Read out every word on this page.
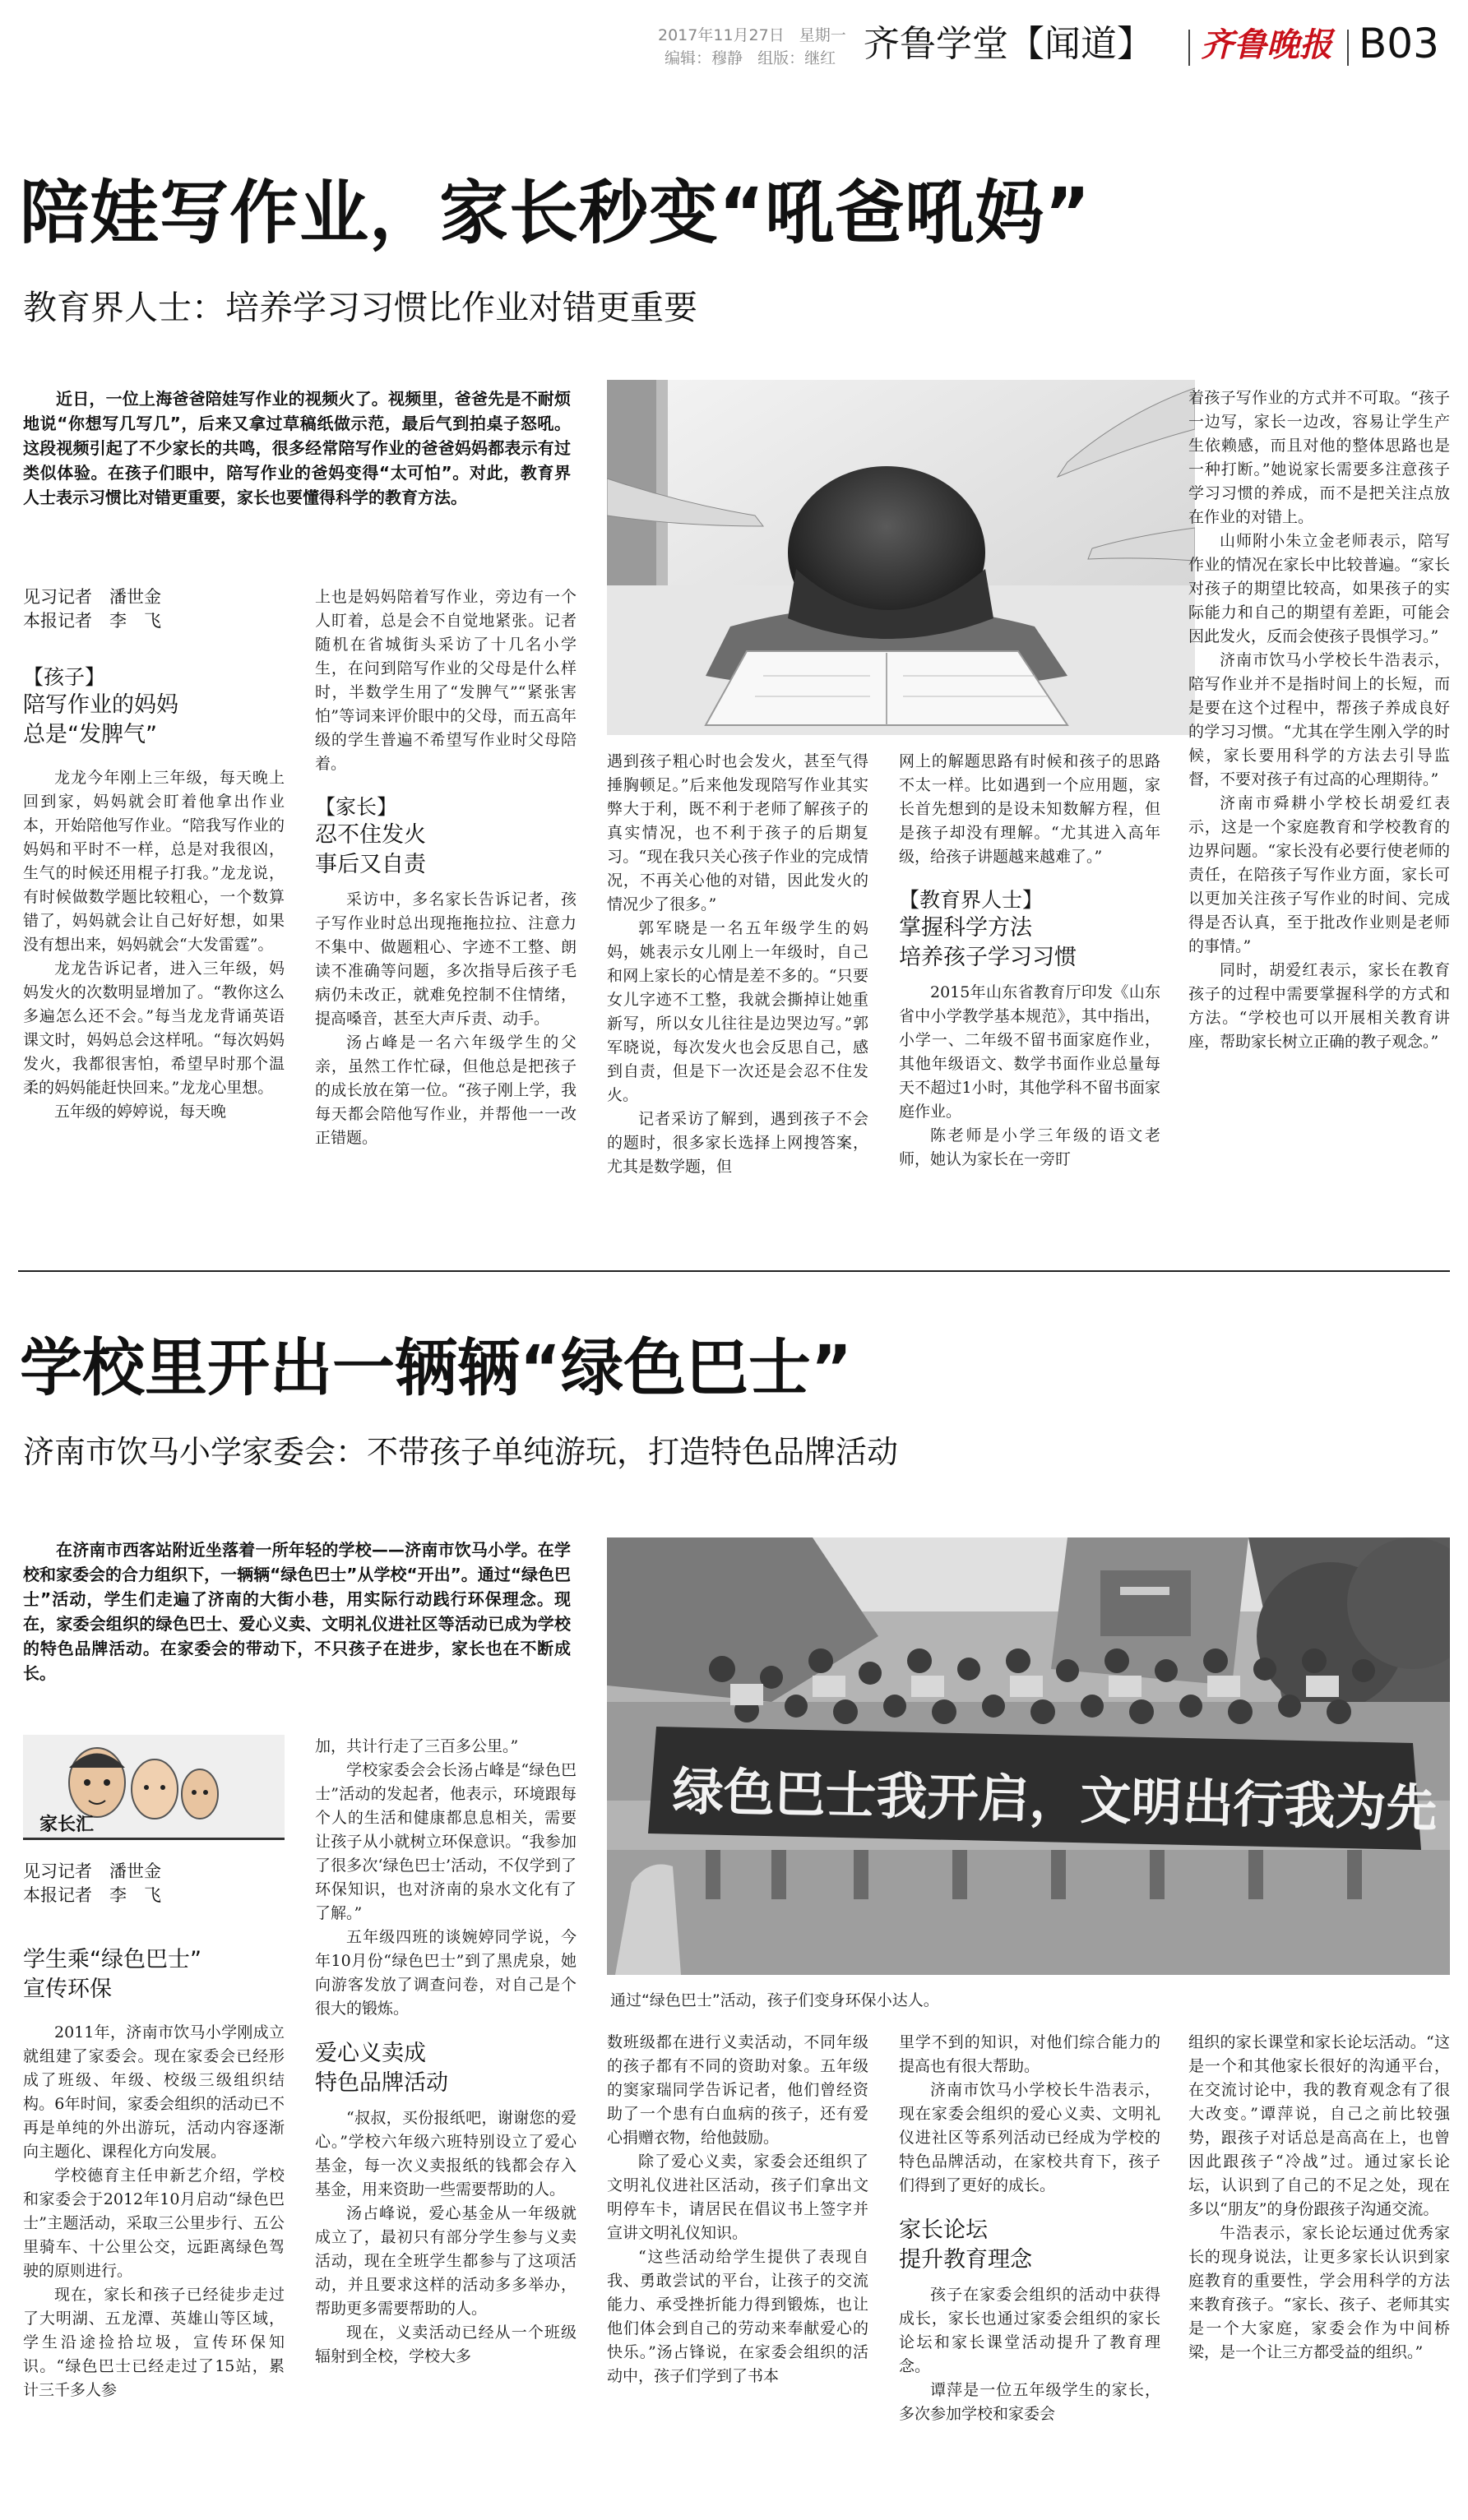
2017年11月27日 星期一
编辑：穆静 组版：继红 齐鲁学堂【闻道】 齐鲁晚报 B03
陪娃写作业，家长秒变“吼爸吼妈”
教育界人士：培养学习习惯比作业对错更重要

近日，一位上海爸爸陪娃写作业的视频火了。视频里，爸爸先是不耐烦地说“你想写几写几”，后来又拿过草稿纸做示范，最后气到拍桌子怒吼。这段视频引起了不少家长的共鸣，很多经常陪写作业的爸爸妈妈都表示有过类似体验。在孩子们眼中，陪写作业的爸妈变得“太可怕”。对此，教育界人士表示习惯比对错更重要，家长也要懂得科学的教育方法。

见习记者　潘世金
本报记者　李　飞
【孩子】
陪写作业的妈妈
总是“发脾气”

龙龙今年刚上三年级，每天晚上回到家，妈妈就会盯着他拿出作业本，开始陪他写作业。“陪我写作业的妈妈和平时不一样，总是对我很凶，生气的时候还用棍子打我。”龙龙说，有时候做数学题比较粗心，一个数算错了，妈妈就会让自己好好想，如果没有想出来，妈妈就会“大发雷霆”。

龙龙告诉记者，进入三年级，妈妈发火的次数明显增加了。“教你这么多遍怎么还不会。”每当龙龙背诵英语课文时，妈妈总会这样吼。“每次妈妈发火，我都很害怕，希望早时那个温柔的妈妈能赶快回来。”龙龙心里想。

五年级的婷婷说，每天晚

上也是妈妈陪着写作业，旁边有一个人盯着，总是会不自觉地紧张。记者随机在省城街头采访了十几名小学生，在问到陪写作业的父母是什么样时，半数学生用了“发脾气”“紧张害怕”等词来评价眼中的父母，而五高年级的学生普遍不希望写作业时父母陪着。

【家长】
忍不住发火
事后又自责

采访中，多名家长告诉记者，孩子写作业时总出现拖拖拉拉、注意力不集中、做题粗心、字迹不工整、朗读不准确等问题，多次指导后孩子毛病仍未改正，就难免控制不住情绪，提高嗓音，甚至大声斥责、动手。

汤占峰是一名六年级学生的父亲，虽然工作忙碌，但他总是把孩子的成长放在第一位。“孩子刚上学，我每天都会陪他写作业，并帮他一一改正错题。

遇到孩子粗心时也会发火，甚至气得捶胸顿足。”后来他发现陪写作业其实弊大于利，既不利于老师了解孩子的真实情况，也不利于孩子的后期复习。“现在我只关心孩子作业的完成情况，不再关心他的对错，因此发火的情况少了很多。”

郭军晓是一名五年级学生的妈妈，姚表示女儿刚上一年级时，自己和网上家长的心情是差不多的。“只要女儿字迹不工整，我就会撕掉让她重新写，所以女儿往往是边哭边写。”郭军晓说，每次发火也会反思自己，感到自责，但是下一次还是会忍不住发火。

记者采访了解到，遇到孩子不会的题时，很多家长选择上网搜答案，尤其是数学题，但

网上的解题思路有时候和孩子的思路不太一样。比如遇到一个应用题，家长首先想到的是设未知数解方程，但是孩子却没有理解。“尤其进入高年级，给孩子讲题越来越难了。”

【教育界人士】
掌握科学方法
培养孩子学习习惯

2015年山东省教育厅印发《山东省中小学教学基本规范》，其中指出，小学一、二年级不留书面家庭作业，其他年级语文、数学书面作业总量每天不超过1小时，其他学科不留书面家庭作业。

陈老师是小学三年级的语文老师，她认为家长在一旁盯

着孩子写作业的方式并不可取。“孩子一边写，家长一边改，容易让学生产生依赖感，而且对他的整体思路也是一种打断。”她说家长需要多注意孩子学习习惯的养成，而不是把关注点放在作业的对错上。

山师附小朱立金老师表示，陪写作业的情况在家长中比较普遍。“家长对孩子的期望比较高，如果孩子的实际能力和自己的期望有差距，可能会因此发火，反而会使孩子畏惧学习。”

济南市饮马小学校长牛浩表示，陪写作业并不是指时间上的长短，而是要在这个过程中，帮孩子养成良好的学习习惯。“尤其在学生刚入学的时候，家长要用科学的方法去引导监督，不要对孩子有过高的心理期待。”

济南市舜耕小学校长胡爱红表示，这是一个家庭教育和学校教育的边界问题。“家长没有必要行使老师的责任，在陪孩子写作业方面，家长可以更加关注孩子写作业的时间、完成得是否认真，至于批改作业则是老师的事情。”

同时，胡爱红表示，家长在教育孩子的过程中需要掌握科学的方式和方法。“学校也可以开展相关教育讲座，帮助家长树立正确的教子观念。”

学校里开出一辆辆“绿色巴士”
济南市饮马小学家委会：不带孩子单纯游玩，打造特色品牌活动

在济南市西客站附近坐落着一所年轻的学校——济南市饮马小学。在学校和家委会的合力组织下，一辆辆“绿色巴士”从学校“开出”。通过“绿色巴士”活动，学生们走遍了济南的大街小巷，用实际行动践行环保理念。现在，家委会组织的绿色巴士、爱心义卖、文明礼仪进社区等活动已成为学校的特色品牌活动。在家委会的带动下，不只孩子在进步，家长也在不断成长。

家长汇
见习记者　潘世金
本报记者　李　飞
学生乘“绿色巴士”
宣传环保

2011年，济南市饮马小学刚成立就组建了家委会。现在家委会已经形成了班级、年级、校级三级组织结构。6年时间，家委会组织的活动已不再是单纯的外出游玩，活动内容逐渐向主题化、课程化方向发展。

学校德育主任申新艺介绍，学校和家委会于2012年10月启动“绿色巴士”主题活动，采取三公里步行、五公里骑车、十公里公交，远距离绿色驾驶的原则进行。

现在，家长和孩子已经徒步走过了大明湖、五龙潭、英雄山等区域，学生沿途捡拾垃圾，宣传环保知识。“绿色巴士已经走过了15站，累计三千多人参

加，共计行走了三百多公里。”

学校家委会会长汤占峰是“绿色巴士”活动的发起者，他表示，环境跟每个人的生活和健康都息息相关，需要让孩子从小就树立环保意识。“我参加了很多次‘绿色巴士’活动，不仅学到了环保知识，也对济南的泉水文化有了了解。”

五年级四班的谈婉婷同学说，今年10月份“绿色巴士”到了黑虎泉，她向游客发放了调查问卷，对自己是个很大的锻炼。

爱心义卖成
特色品牌活动

“叔叔，买份报纸吧，谢谢您的爱心。”学校六年级六班特别设立了爱心基金，每一次义卖报纸的钱都会存入基金，用来资助一些需要帮助的人。

汤占峰说，爱心基金从一年级就成立了，最初只有部分学生参与义卖活动，现在全班学生都参与了这项活动，并且要求这样的活动多多举办，帮助更多需要帮助的人。

现在，义卖活动已经从一个班级辐射到全校，学校大多

绿色巴士我开启，文明出行我为先
通过“绿色巴士”活动，孩子们变身环保小达人。

数班级都在进行义卖活动，不同年级的孩子都有不同的资助对象。五年级的窦家瑞同学告诉记者，他们曾经资助了一个患有白血病的孩子，还有爱心捐赠衣物，给他鼓励。

除了爱心义卖，家委会还组织了文明礼仪进社区活动，孩子们拿出文明停车卡，请居民在倡议书上签字并宣讲文明礼仪知识。

“这些活动给学生提供了表现自我、勇敢尝试的平台，让孩子的交流能力、承受挫折能力得到锻炼，也让他们体会到自己的劳动来奉献爱心的快乐。”汤占锋说，在家委会组织的活动中，孩子们学到了书本

里学不到的知识，对他们综合能力的提高也有很大帮助。

济南市饮马小学校长牛浩表示，现在家委会组织的爱心义卖、文明礼仪进社区等系列活动已经成为学校的特色品牌活动，在家校共育下，孩子们得到了更好的成长。

家长论坛
提升教育理念

孩子在家委会组织的活动中获得成长，家长也通过家委会组织的家长论坛和家长课堂活动提升了教育理念。

谭萍是一位五年级学生的家长，多次参加学校和家委会

组织的家长课堂和家长论坛活动。“这是一个和其他家长很好的沟通平台，在交流讨论中，我的教育观念有了很大改变。”谭萍说，自己之前比较强势，跟孩子对话总是高高在上，也曾因此跟孩子“冷战”过。通过家长论坛，认识到了自己的不足之处，现在多以“朋友”的身份跟孩子沟通交流。

牛浩表示，家长论坛通过优秀家长的现身说法，让更多家长认识到家庭教育的重要性，学会用科学的方法来教育孩子。“家长、孩子、老师其实是一个大家庭，家委会作为中间桥梁，是一个让三方都受益的组织。”
